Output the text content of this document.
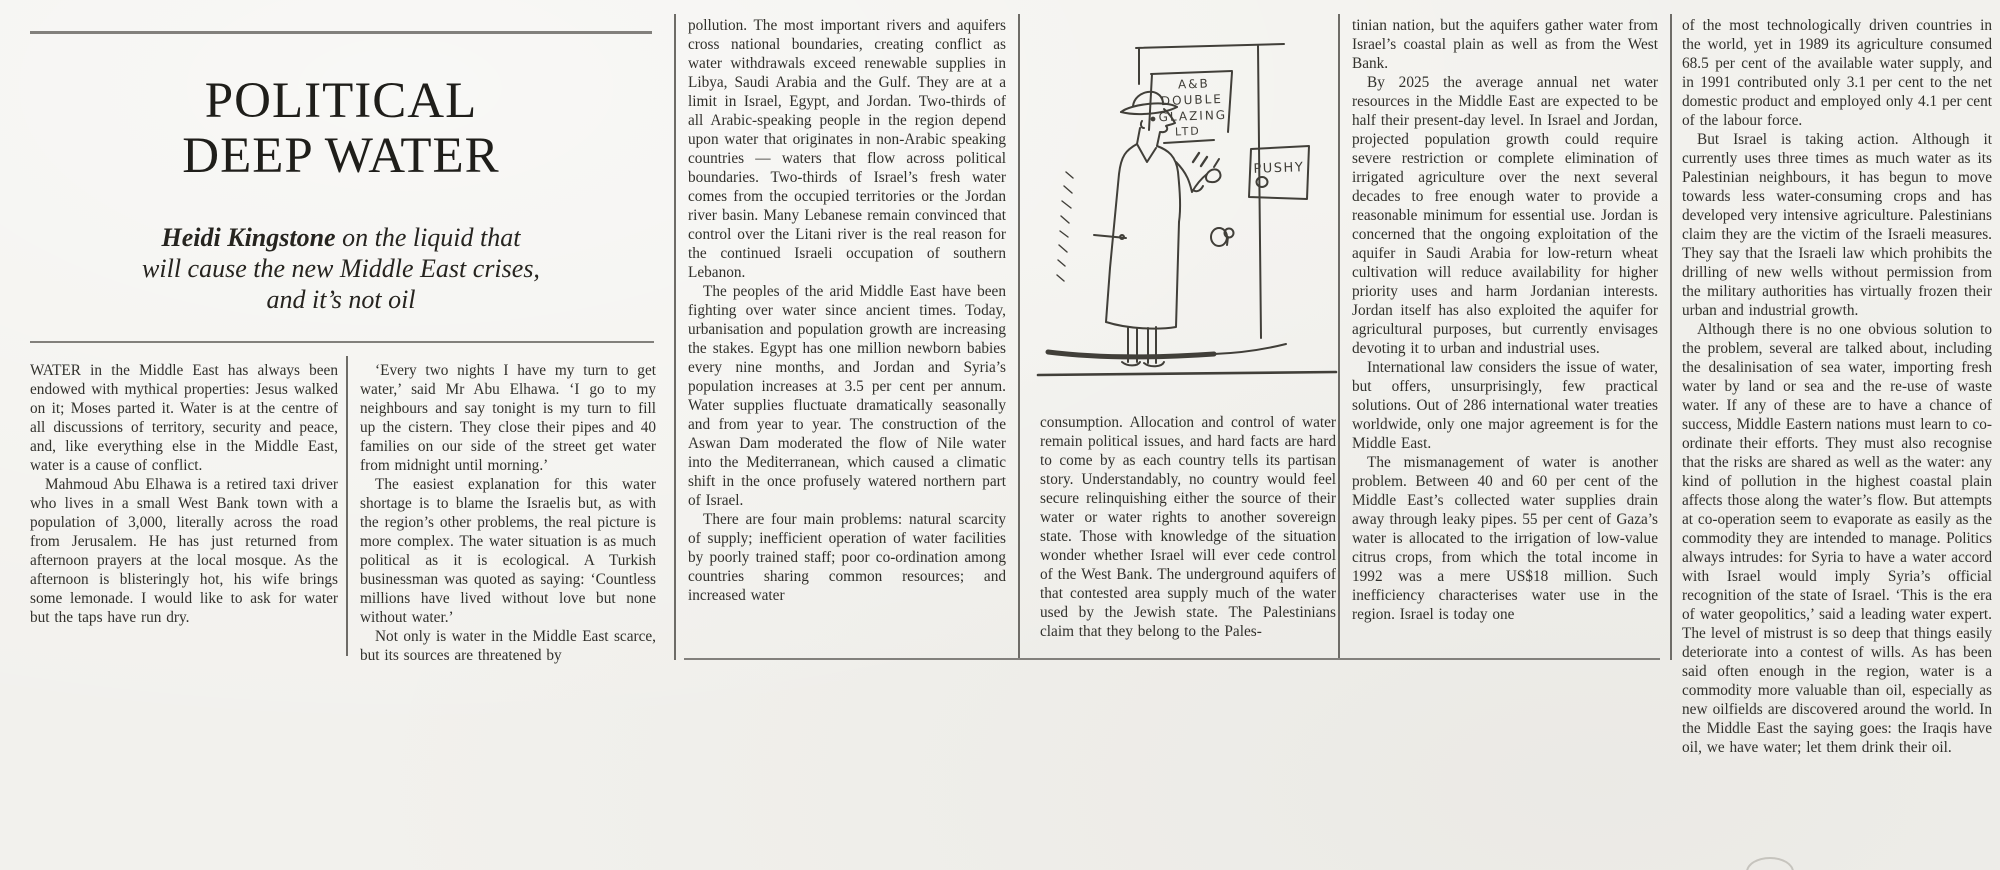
POLITICAL
DEEP WATER
Heidi Kingstone on the liquid that
will cause the new Middle East crises,
and it’s not oil

WATER in the Middle East has always been endowed with mythical properties: Jesus walked on it; Moses parted it. Water is at the centre of all discussions of territory, security and peace, and, like everything else in the Middle East, water is a cause of conflict.

Mahmoud Abu Elhawa is a retired taxi driver who lives in a small West Bank town with a population of 3,000, literally across the road from Jerusalem. He has just returned from afternoon prayers at the local mosque. As the afternoon is blisteringly hot, his wife brings some lemonade. I would like to ask for water but the taps have run dry.

‘Every two nights I have my turn to get water,’ said Mr Abu Elhawa. ‘I go to my neighbours and say tonight is my turn to fill up the cistern. They close their pipes and 40 families on our side of the street get water from midnight until morning.’

The easiest explanation for this water shortage is to blame the Israelis but, as with the region’s other problems, the real picture is more complex. The water situation is as much political as it is ecological. A Turkish businessman was quoted as saying: ‘Countless millions have lived without love but none without water.’

Not only is water in the Middle East scarce, but its sources are threatened by

pollution. The most important rivers and aquifers cross national boundaries, creating conflict as water withdrawals exceed renewable supplies in Libya, Saudi Arabia and the Gulf. They are at a limit in Israel, Egypt, and Jordan. Two-thirds of all Arabic-speaking people in the region depend upon water that originates in non-Arabic speaking countries — waters that flow across political boundaries. Two-thirds of Israel’s fresh water comes from the occupied territories or the Jordan river basin. Many Lebanese remain convinced that control over the Litani river is the real reason for the continued Israeli occupation of southern Lebanon.

The peoples of the arid Middle East have been fighting over water since ancient times. Today, urbanisation and population growth are increasing the stakes. Egypt has one million newborn babies every nine months, and Jordan and Syria’s population increases at 3.5 per cent per annum. Water supplies fluctuate dramatically seasonally and from year to year. The construction of the Aswan Dam moderated the flow of Nile water into the Mediterranean, which caused a climatic shift in the once profusely watered northern part of Israel.

There are four main problems: natural scarcity of supply; inefficient operation of water facilities by poorly trained staff; poor co-ordination among countries sharing common resources; and increased water

A&B
DOUBLE
GLAZING
LTD
PUSHY

consumption. Allocation and control of water remain political issues, and hard facts are hard to come by as each country tells its partisan story. Understandably, no country would feel secure relinquishing either the source of their water or water rights to another sovereign state. Those with knowledge of the situation wonder whether Israel will ever cede control of the West Bank. The underground aquifers of that contested area supply much of the water used by the Jewish state. The Palestinians claim that they belong to the Pales-

tinian nation, but the aquifers gather water from Israel’s coastal plain as well as from the West Bank.

By 2025 the average annual net water resources in the Middle East are expected to be half their present-day level. In Israel and Jordan, projected population growth could require severe restriction or complete elimination of irrigated agriculture over the next several decades to free enough water to provide a reasonable minimum for essential use. Jordan is concerned that the ongoing exploitation of the aquifer in Saudi Arabia for low-return wheat cultivation will reduce availability for higher priority uses and harm Jordanian interests. Jordan itself has also exploited the aquifer for agricultural purposes, but currently envisages devoting it to urban and industrial uses.

International law considers the issue of water, but offers, unsurprisingly, few practical solutions. Out of 286 international water treaties worldwide, only one major agreement is for the Middle East.

The mismanagement of water is another problem. Between 40 and 60 per cent of the Middle East’s collected water supplies drain away through leaky pipes. 55 per cent of Gaza’s water is allocated to the irrigation of low-value citrus crops, from which the total income in 1992 was a mere US$18 million. Such inefficiency characterises water use in the region. Israel is today one

of the most technologically driven countries in the world, yet in 1989 its agriculture consumed 68.5 per cent of the available water supply, and in 1991 contributed only 3.1 per cent to the net domestic product and employed only 4.1 per cent of the labour force.

But Israel is taking action. Although it currently uses three times as much water as its Palestinian neighbours, it has begun to move towards less water-consuming crops and has developed very intensive agriculture. Palestinians claim they are the victim of the Israeli measures. They say that the Israeli law which prohibits the drilling of new wells without permission from the military authorities has virtually frozen their urban and industrial growth.

Although there is no one obvious solution to the problem, several are talked about, including the desalinisation of sea water, importing fresh water by land or sea and the re-use of waste water. If any of these are to have a chance of success, Middle Eastern nations must learn to co-ordinate their efforts. They must also recognise that the risks are shared as well as the water: any kind of pollution in the highest coastal plain affects those along the water’s flow. But attempts at co-operation seem to evaporate as easily as the commodity they are intended to manage. Politics always intrudes: for Syria to have a water accord with Israel would imply Syria’s official recognition of the state of Israel. ‘This is the era of water geopolitics,’ said a leading water expert. The level of mistrust is so deep that things easily deteriorate into a contest of wills. As has been said often enough in the region, water is a commodity more valuable than oil, especially as new oilfields are discovered around the world. In the Middle East the saying goes: the Iraqis have oil, we have water; let them drink their oil.
